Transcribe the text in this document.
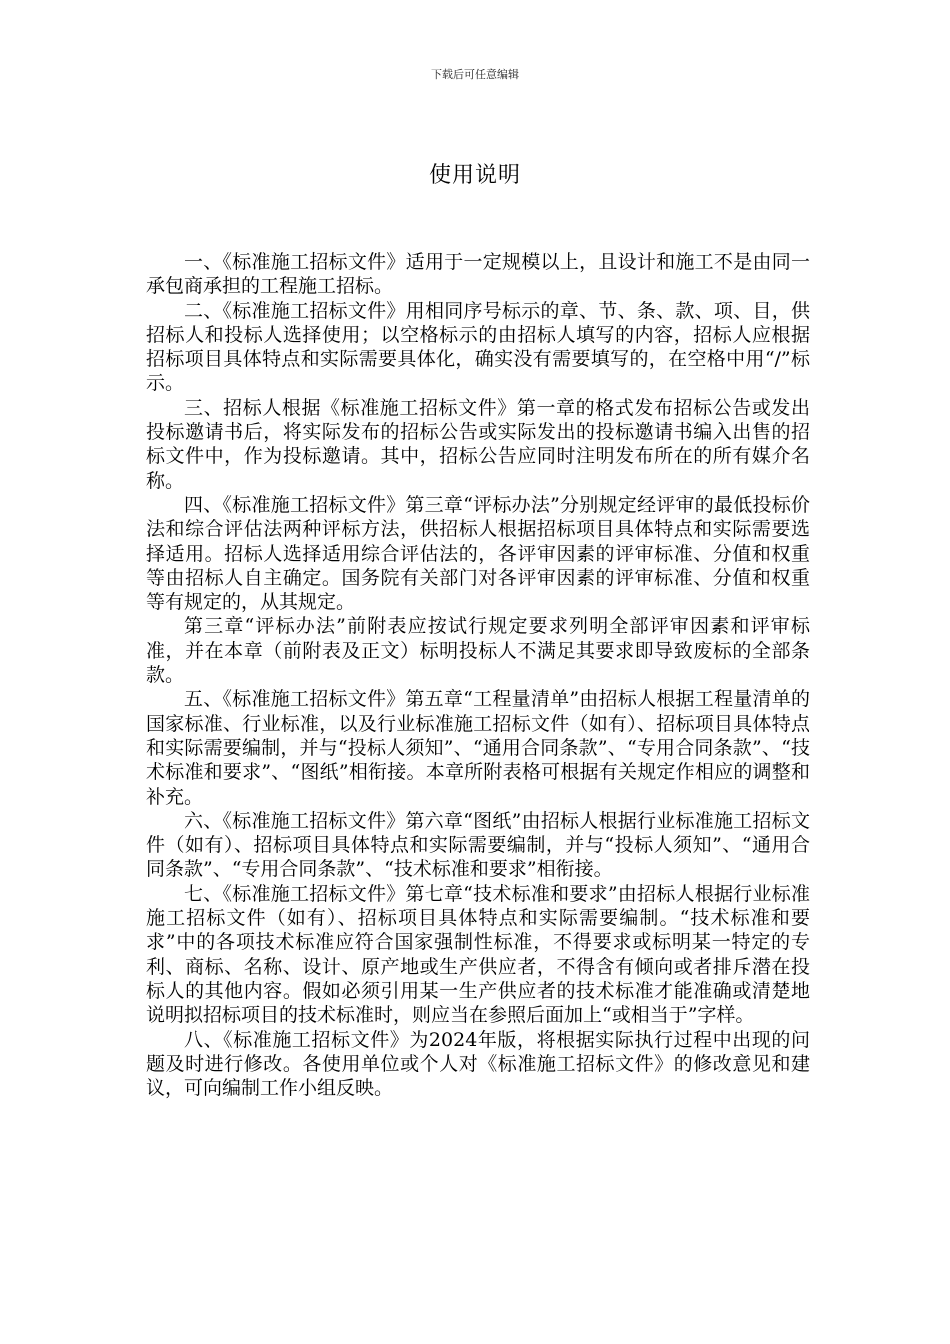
下载后可任意编辑
使用说明

一、《标准施工招标文件》适用于一定规模以上，且设计和施工不是由同一承包商承担的工程施工招标。

二、《标准施工招标文件》用相同序号标示的章、节、条、款、项、目，供招标人和投标人选择使用；以空格标示的由招标人填写的内容，招标人应根据招标项目具体特点和实际需要具体化，确实没有需要填写的，在空格中用“/”标示。

三、招标人根据《标准施工招标文件》第一章的格式发布招标公告或发出投标邀请书后，将实际发布的招标公告或实际发出的投标邀请书编入出售的招标文件中，作为投标邀请。其中，招标公告应同时注明发布所在的所有媒介名称。

四、《标准施工招标文件》第三章“评标办法”分别规定经评审的最低投标价法和综合评估法两种评标方法，供招标人根据招标项目具体特点和实际需要选择适用。招标人选择适用综合评估法的，各评审因素的评审标准、分值和权重等由招标人自主确定。国务院有关部门对各评审因素的评审标准、分值和权重等有规定的，从其规定。

第三章“评标办法”前附表应按试行规定要求列明全部评审因素和评审标准，并在本章（前附表及正文）标明投标人不满足其要求即导致废标的全部条款。

五、《标准施工招标文件》第五章“工程量清单”由招标人根据工程量清单的国家标准、行业标准，以及行业标准施工招标文件（如有）、招标项目具体特点和实际需要编制，并与“投标人须知”、“通用合同条款”、“专用合同条款”、“技术标准和要求”、“图纸”相衔接。本章所附表格可根据有关规定作相应的调整和补充。

六、《标准施工招标文件》第六章“图纸”由招标人根据行业标准施工招标文件（如有）、招标项目具体特点和实际需要编制，并与“投标人须知”、“通用合同条款”、“专用合同条款”、“技术标准和要求”相衔接。

七、《标准施工招标文件》第七章“技术标准和要求”由招标人根据行业标准施工招标文件（如有）、招标项目具体特点和实际需要编制。“技术标准和要求”中的各项技术标准应符合国家强制性标准，不得要求或标明某一特定的专利、商标、名称、设计、原产地或生产供应者，不得含有倾向或者排斥潜在投标人的其他内容。假如必须引用某一生产供应者的技术标准才能准确或清楚地说明拟招标项目的技术标准时，则应当在参照后面加上“或相当于”字样。

八、《标准施工招标文件》为2024年版，将根据实际执行过程中出现的问题及时进行修改。各使用单位或个人对《标准施工招标文件》的修改意见和建议，可向编制工作小组反映。
